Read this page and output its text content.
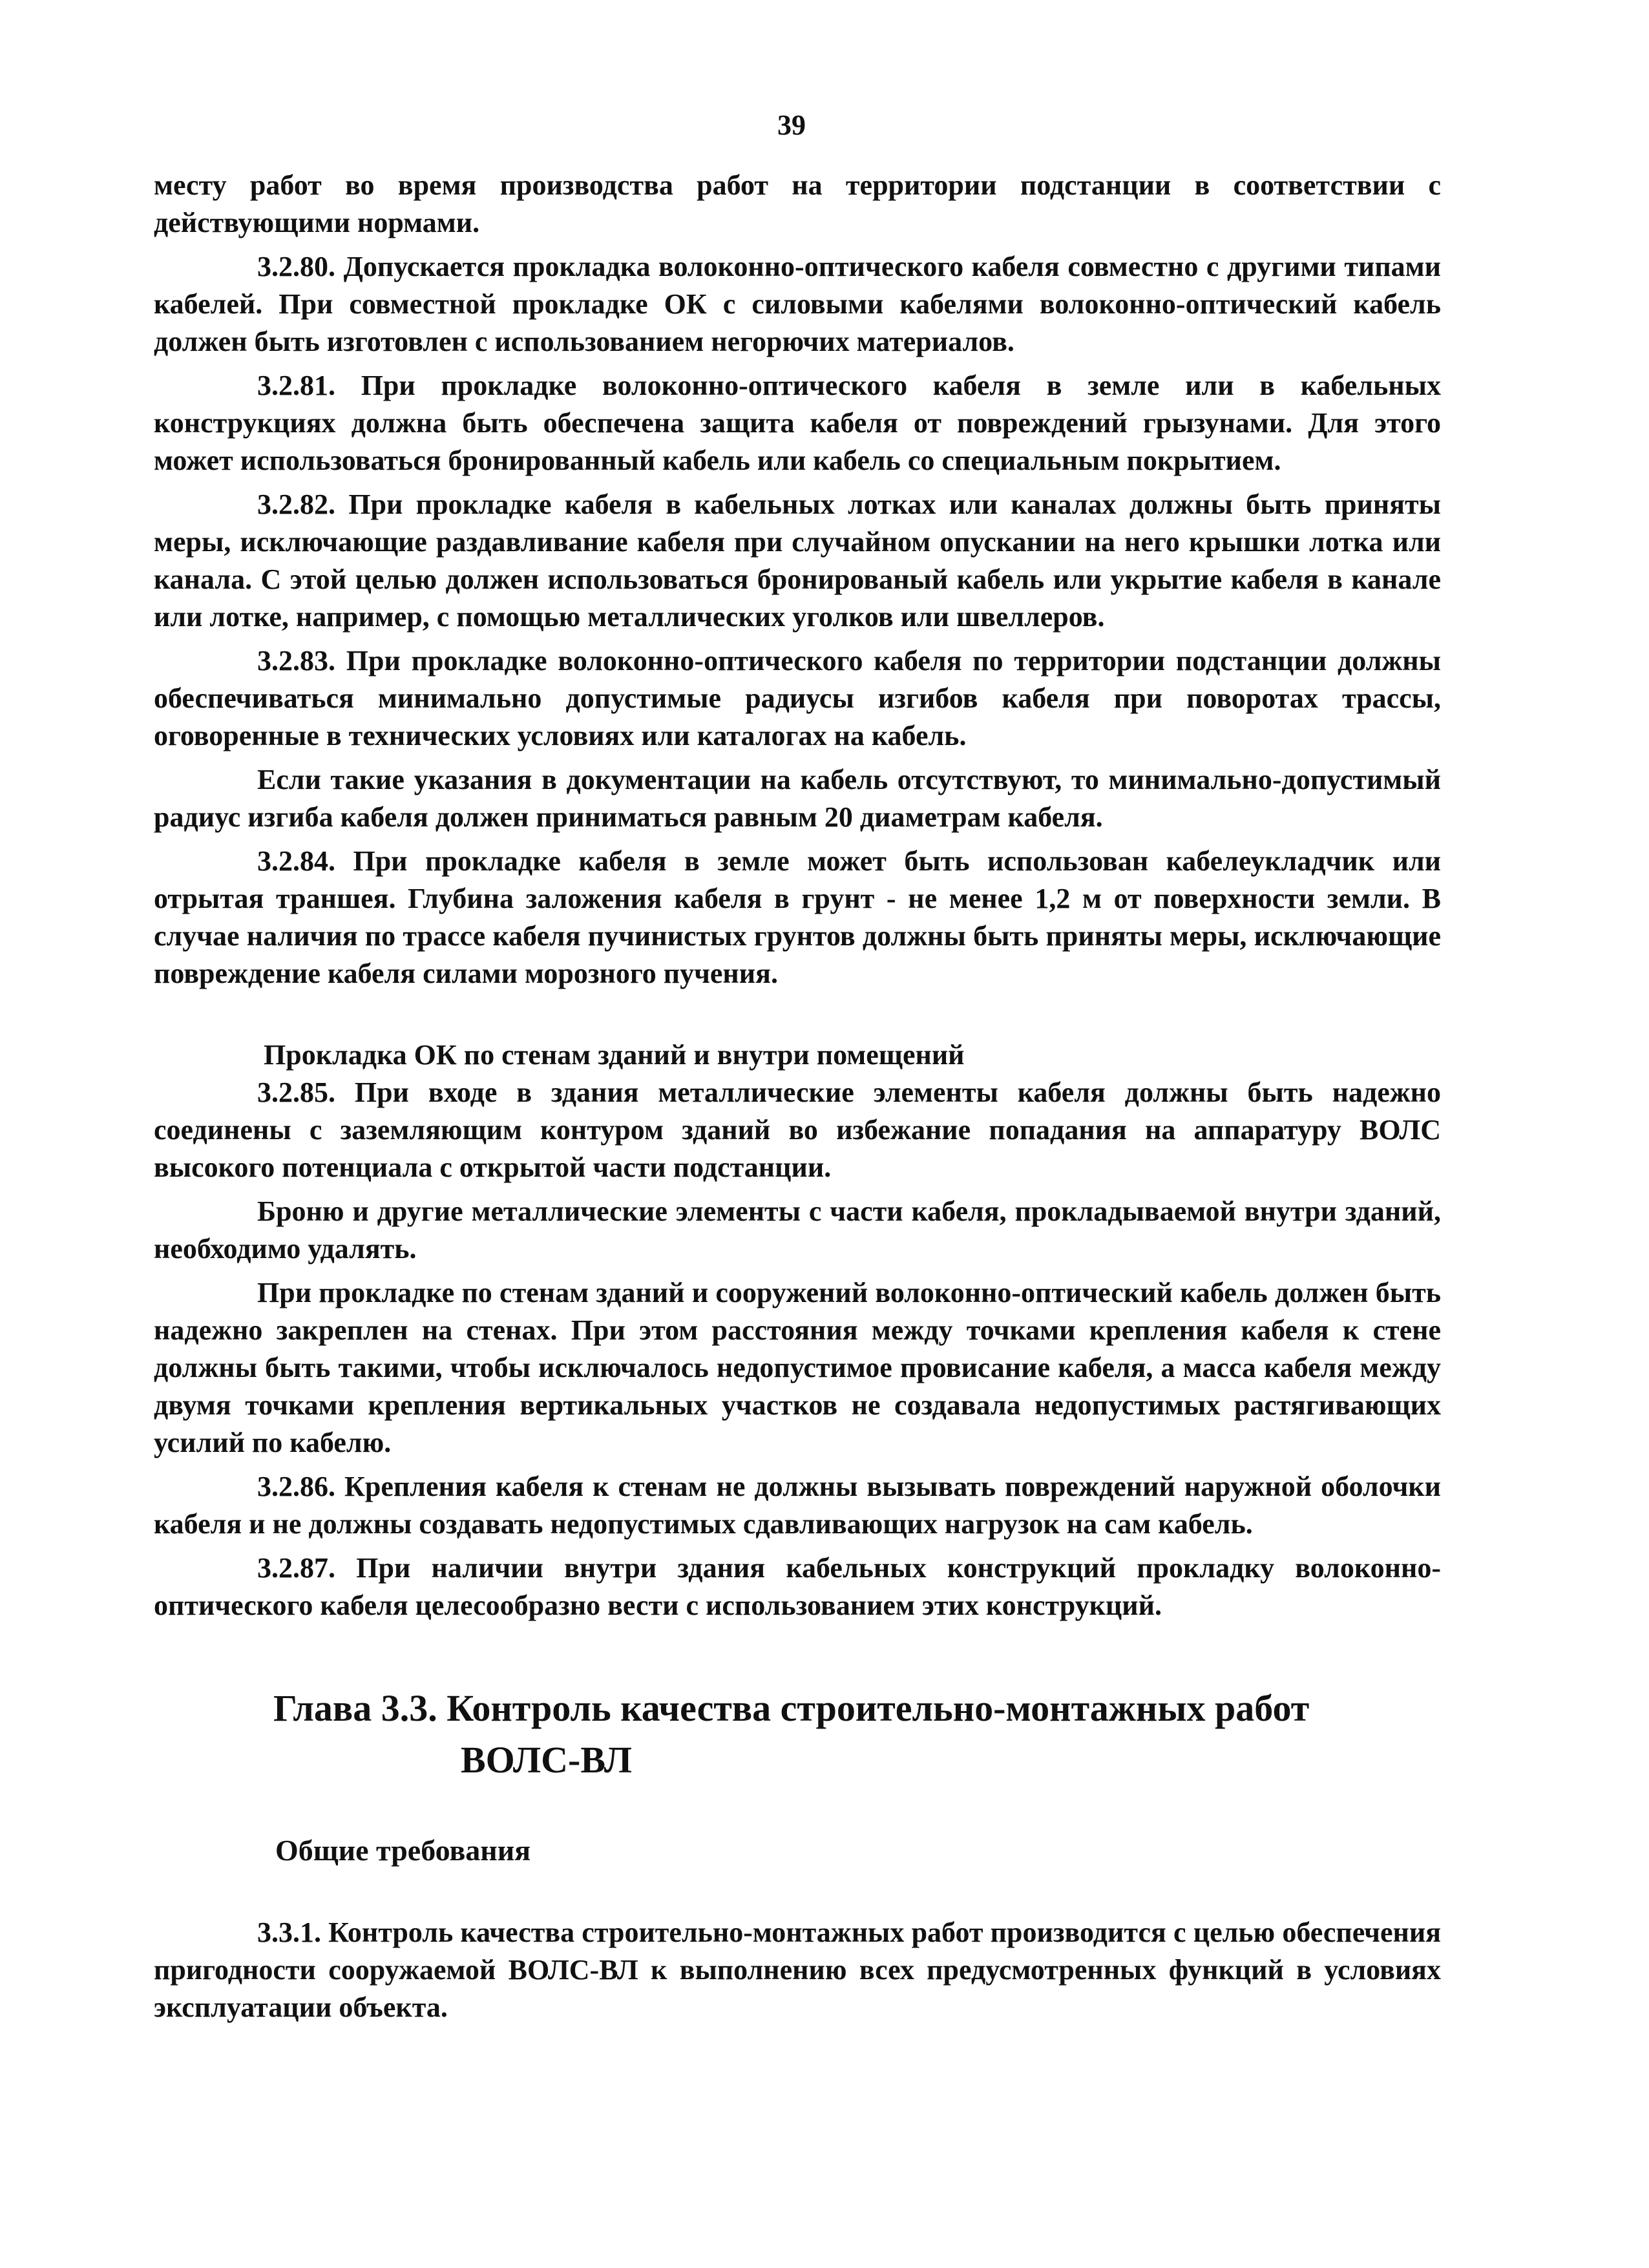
39

месту работ во время производства работ на территории подстанции в соответствии с действующими нормами.

3.2.80. Допускается прокладка волоконно-оптического кабеля совместно с другими типами кабелей. При совместной прокладке ОК с силовыми кабелями волоконно-оптический кабель должен быть изготовлен с использованием негорючих материалов.

3.2.81. При прокладке волоконно-оптического кабеля в земле или в кабельных конструкциях должна быть обеспечена защита кабеля от повреждений грызунами. Для этого может использоваться бронированный кабель или кабель со специальным покрытием.

3.2.82. При прокладке кабеля в кабельных лотках или каналах должны быть приняты меры, исключающие раздавливание кабеля при случайном опускании на него крышки лотка или канала. С этой целью должен использоваться бронированый кабель или укрытие кабеля в канале или лотке, например, с помощью металлических уголков или швеллеров.

3.2.83. При прокладке волоконно-оптического кабеля по территории подстанции должны обеспечиваться минимально допустимые радиусы изгибов кабеля при поворотах трассы, оговоренные в технических условиях или каталогах на кабель.

Если такие указания в документации на кабель отсутствуют, то минимально-допустимый радиус изгиба кабеля должен приниматься равным 20 диаметрам кабеля.

3.2.84. При прокладке кабеля в земле может быть использован кабелеукладчик или отрытая траншея. Глубина заложения кабеля в грунт - не менее 1,2 м от поверхности земли. В случае наличия по трассе кабеля пучинистых грунтов должны быть приняты меры, исключающие повреждение кабеля силами морозного пучения.

Прокладка ОК по стенам зданий и внутри помещений

3.2.85. При входе в здания металлические элементы кабеля должны быть надежно соединены с заземляющим контуром зданий во избежание попадания на аппаратуру ВОЛС высокого потенциала с открытой части подстанции.

Броню и другие металлические элементы с части кабеля, прокладываемой внутри зданий, необходимо удалять.

При прокладке по стенам зданий и сооружений волоконно-оптический кабель должен быть надежно закреплен на стенах. При этом расстояния между точками крепления кабеля к стене должны быть такими, чтобы исключалось недопустимое провисание кабеля, а масса кабеля между двумя точками крепления вертикальных участков не создавала недопустимых растягивающих усилий по кабелю.

3.2.86. Крепления кабеля к стенам не должны вызывать повреждений наружной оболочки кабеля и не должны создавать недопустимых сдавливающих нагрузок на сам кабель.

3.2.87. При наличии внутри здания кабельных конструкций прокладку волоконно-оптического кабеля целесообразно вести с использованием этих конструкций.

Глава 3.3. Контроль качества строительно-монтажных работ
ВОЛС-ВЛ
Общие требования

3.3.1. Контроль качества строительно-монтажных работ производится с целью обеспечения пригодности сооружаемой ВОЛС-ВЛ к выполнению всех предусмотренных функций в условиях эксплуатации объекта.
